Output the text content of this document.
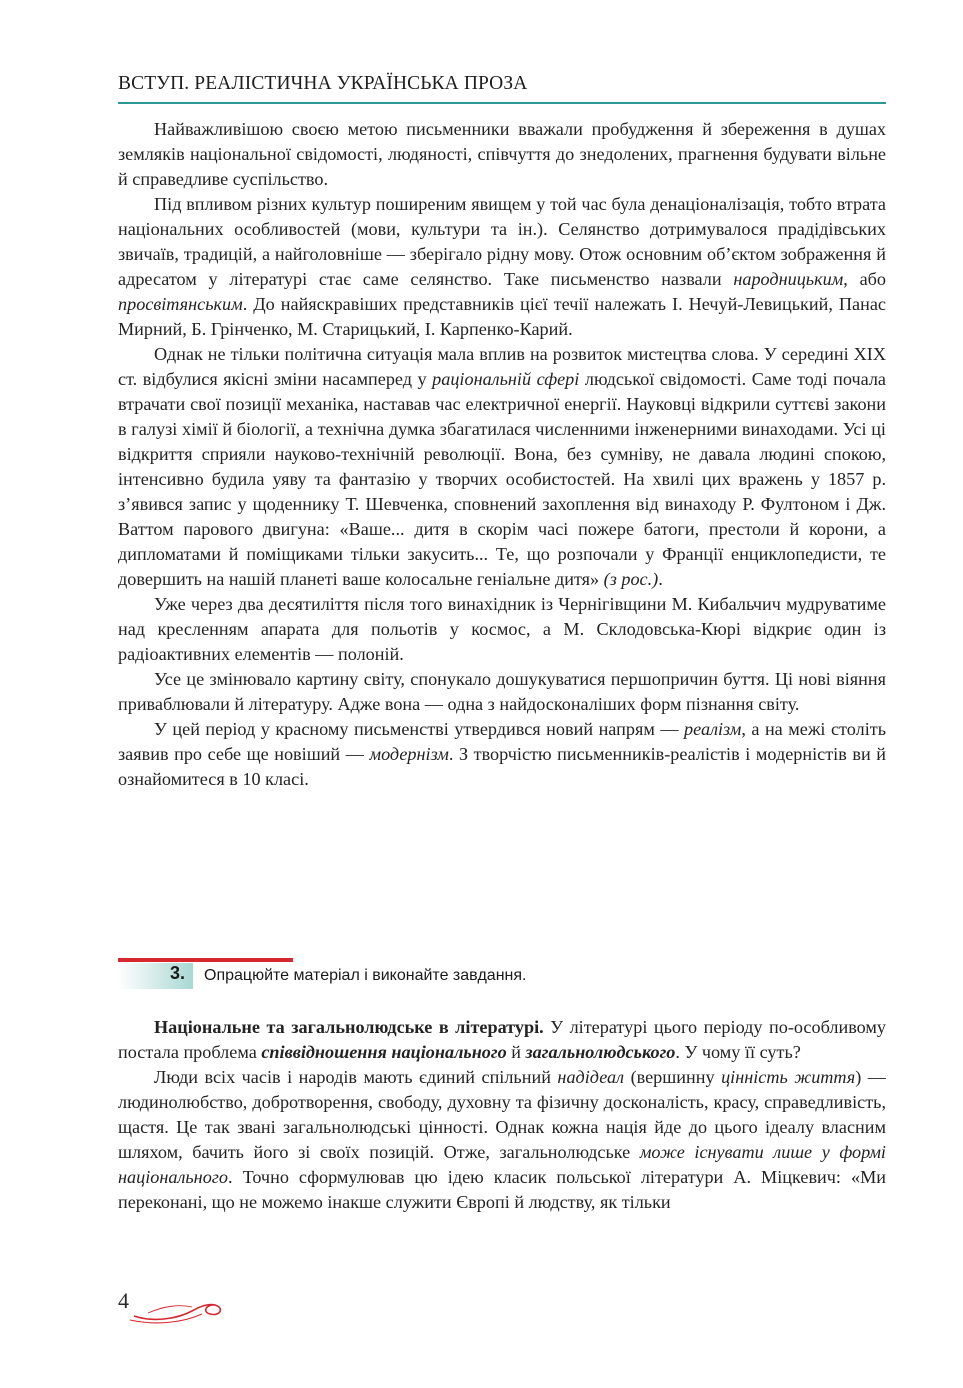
ВСТУП. РЕАЛІСТИЧНА УКРАЇНСЬКА ПРОЗА

Найважливішою своєю метою письменники вважали пробудження й збереження в душах земляків національної свідомості, людяності, співчуття до знедолених, прагнення будувати вільне й справедливе суспільство.

Під впливом різних культур поширеним явищем у той час була денаціоналізація, тобто втрата національних особливостей (мови, культури та ін.). Селянство дотримувалося прадідівських звичаїв, традицій, а найголовніше — зберігало рідну мову. Отож основним об’єктом зображення й адресатом у літературі стає саме селянство. Таке письменство назвали народницьким, або просвітянським. До найяскравіших представників цієї течії належать І. Нечуй-Левицький, Панас Мирний, Б. Грінченко, М. Старицький, І. Карпенко-Карий.

Однак не тільки політична ситуація мала вплив на розвиток мистецтва слова. У середині XIX ст. відбулися якісні зміни насамперед у раціональній сфері людської свідомості. Саме тоді почала втрачати свої позиції механіка, наставав час електричної енергії. Науковці відкрили суттєві закони в галузі хімії й біології, а технічна думка збагатилася численними інженерними винаходами. Усі ці відкриття сприяли науково-технічній революції. Вона, без сумніву, не давала людині спокою, інтенсивно будила уяву та фантазію у творчих особистостей. На хвилі цих вражень у 1857 р. з’явився запис у щоденнику Т. Шевченка, сповнений захоплення від винаходу Р. Фултоном і Дж. Ваттом парового двигуна: «Ваше... дитя в скорім часі пожере батоги, престоли й корони, а дипломатами й поміщиками тільки закусить... Те, що розпочали у Франції енциклопедисти, те довершить на нашій планеті ваше колосальне геніальне дитя» (з рос.).

Уже через два десятиліття після того винахідник із Чернігівщини М. Кибальчич мудруватиме над кресленням апарата для польотів у космос, а М. Склодовська-Кюрі відкриє один із радіоактивних елементів — полоній.

Усе це змінювало картину світу, спонукало дошукуватися першопричин буття. Ці нові віяння приваблювали й літературу. Адже вона — одна з найдосконаліших форм пізнання світу.

У цей період у красному письменстві утвердився новий напрям — реалізм, а на межі століть заявив про себе ще новіший — модернізм. З творчістю письменників-реалістів і модерністів ви й ознайомитеся в 10 класі.

3. Опрацюйте матеріал і виконайте завдання.

Національне та загальнолюдське в літературі. У літературі цього періоду по-особливому постала проблема співвідношення національного й загальнолюдського. У чому її суть?

Люди всіх часів і народів мають єдиний спільний надідеал (вершинну цінність життя) — людинолюбство, добротворення, свободу, духовну та фізичну досконалість, красу, справедливість, щастя. Це так звані загальнолюдські цінності. Однак кожна нація йде до цього ідеалу власним шляхом, бачить його зі своїх позицій. Отже, загальнолюдське може існувати лише у формі національного. Точно сформулював цю ідею класик польської літератури А. Міцкевич: «Ми переконані, що не можемо інакше служити Європі й людству, як тільки

4
